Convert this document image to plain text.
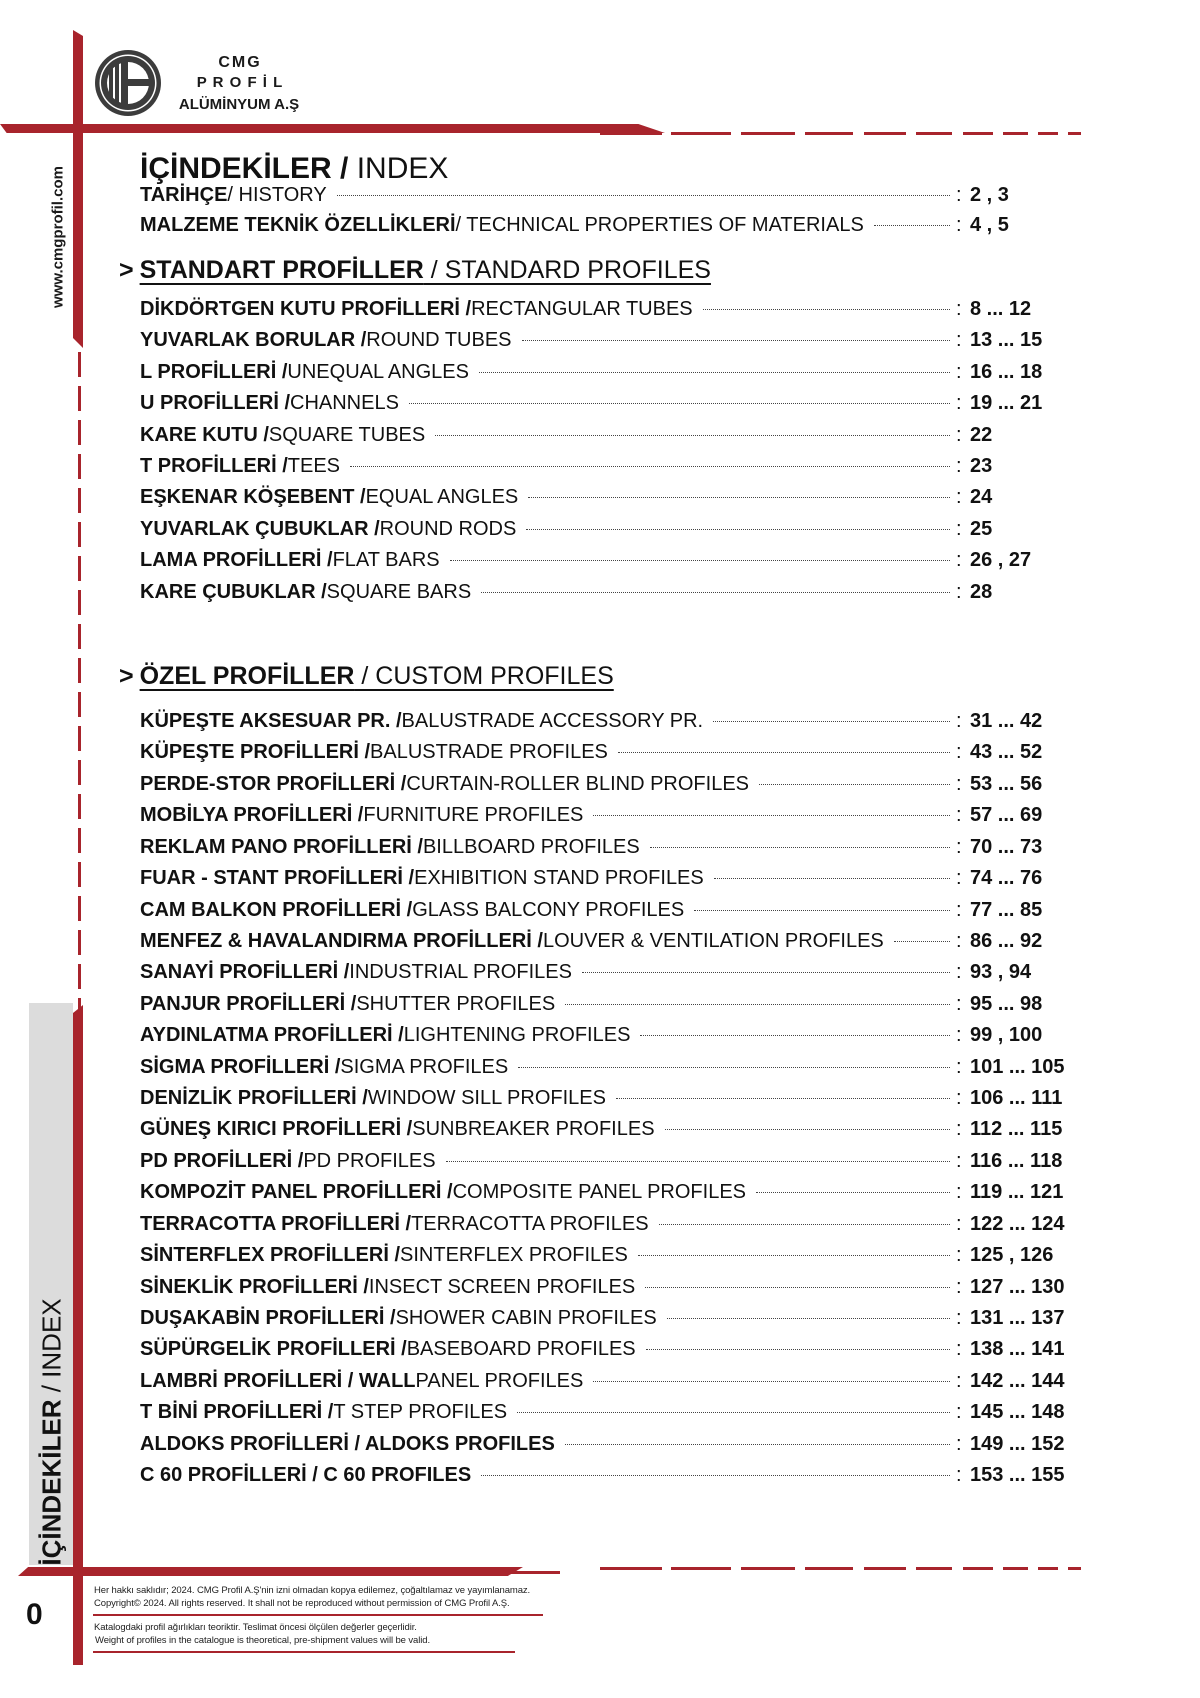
CMG
P R O F İ L
ALÜMİNYUM A.Ş
www.cmgprofil.com
İÇİNDEKİLER / INDEX
0
İÇİNDEKİLER / INDEX
TARİHÇE / HISTORY	: 2 , 3
MALZEME TEKNİK ÖZELLİKLERİ / TECHNICAL PROPERTIES OF MATERIALS	: 4 , 5
> STANDART PROFİLLER / STANDARD PROFILES
DİKDÖRTGEN KUTU PROFİLLERİ / RECTANGULAR TUBES	: 8 ... 12
YUVARLAK BORULAR / ROUND TUBES	: 13 ... 15
L PROFİLLERİ / UNEQUAL ANGLES	: 16 ... 18
U PROFİLLERİ / CHANNELS	: 19 ... 21
KARE KUTU / SQUARE TUBES	: 22
T PROFİLLERİ / TEES	: 23
EŞKENAR KÖŞEBENT / EQUAL ANGLES	: 24
YUVARLAK ÇUBUKLAR / ROUND RODS	: 25
LAMA PROFİLLERİ / FLAT BARS	: 26 , 27
KARE ÇUBUKLAR / SQUARE BARS	: 28
> ÖZEL PROFİLLER / CUSTOM PROFILES
KÜPEŞTE AKSESUAR PR. / BALUSTRADE ACCESSORY PR.	: 31 ... 42
KÜPEŞTE PROFİLLERİ / BALUSTRADE PROFILES	: 43 ... 52
PERDE-STOR PROFİLLERİ / CURTAIN-ROLLER BLIND PROFILES	: 53 ... 56
MOBİLYA PROFİLLERİ / FURNITURE PROFILES	: 57 ... 69
REKLAM PANO PROFİLLERİ / BILLBOARD PROFILES	: 70 ... 73
FUAR - STANT PROFİLLERİ / EXHIBITION STAND PROFILES	: 74 ... 76
CAM BALKON PROFİLLERİ / GLASS BALCONY PROFILES	: 77 ... 85
MENFEZ & HAVALANDIRMA PROFİLLERİ / LOUVER & VENTILATION PROFILES	: 86 ... 92
SANAYİ PROFİLLERİ / INDUSTRIAL PROFILES	: 93 , 94
PANJUR PROFİLLERİ / SHUTTER PROFILES	: 95 ... 98
AYDINLATMA PROFİLLERİ / LIGHTENING PROFILES	: 99 , 100
SİGMA PROFİLLERİ / SIGMA PROFILES	: 101 ... 105
DENİZLİK PROFİLLERİ / WINDOW SILL PROFILES	: 106 ... 111
GÜNEŞ KIRICI PROFİLLERİ / SUNBREAKER PROFILES	: 112 ... 115
PD PROFİLLERİ / PD PROFILES	: 116 ... 118
KOMPOZİT PANEL PROFİLLERİ / COMPOSITE PANEL PROFILES	: 119 ... 121
TERRACOTTA PROFİLLERİ / TERRACOTTA PROFILES	: 122 ... 124
SİNTERFLEX PROFİLLERİ / SINTERFLEX PROFILES	: 125 , 126
SİNEKLİK PROFİLLERİ / INSECT SCREEN PROFILES	: 127 ... 130
DUŞAKABİN PROFİLLERİ / SHOWER CABIN PROFILES	: 131 ... 137
SÜPÜRGELİK PROFİLLERİ / BASEBOARD PROFILES	: 138 ... 141
LAMBRİ PROFİLLERİ / WALL PANEL PROFILES	: 142 ... 144
T BİNİ PROFİLLERİ / T STEP PROFILES	: 145 ... 148
ALDOKS PROFİLLERİ / ALDOKS PROFILES	: 149 ... 152
C 60 PROFİLLERİ / C 60 PROFILES	: 153 ... 155
Her hakkı saklıdır; 2024. CMG Profil A.Ş'nin izni olmadan kopya edilemez, çoğaltılamaz ve yayımlanamaz.
Copyright© 2024. All rights reserved. It shall not be reproduced without permission of CMG Profil A.Ş.
Katalogdaki profil ağırlıkları teoriktir. Teslimat öncesi ölçülen değerler geçerlidir.
Weight of profiles in the catalogue is theoretical, pre-shipment values will be valid.
